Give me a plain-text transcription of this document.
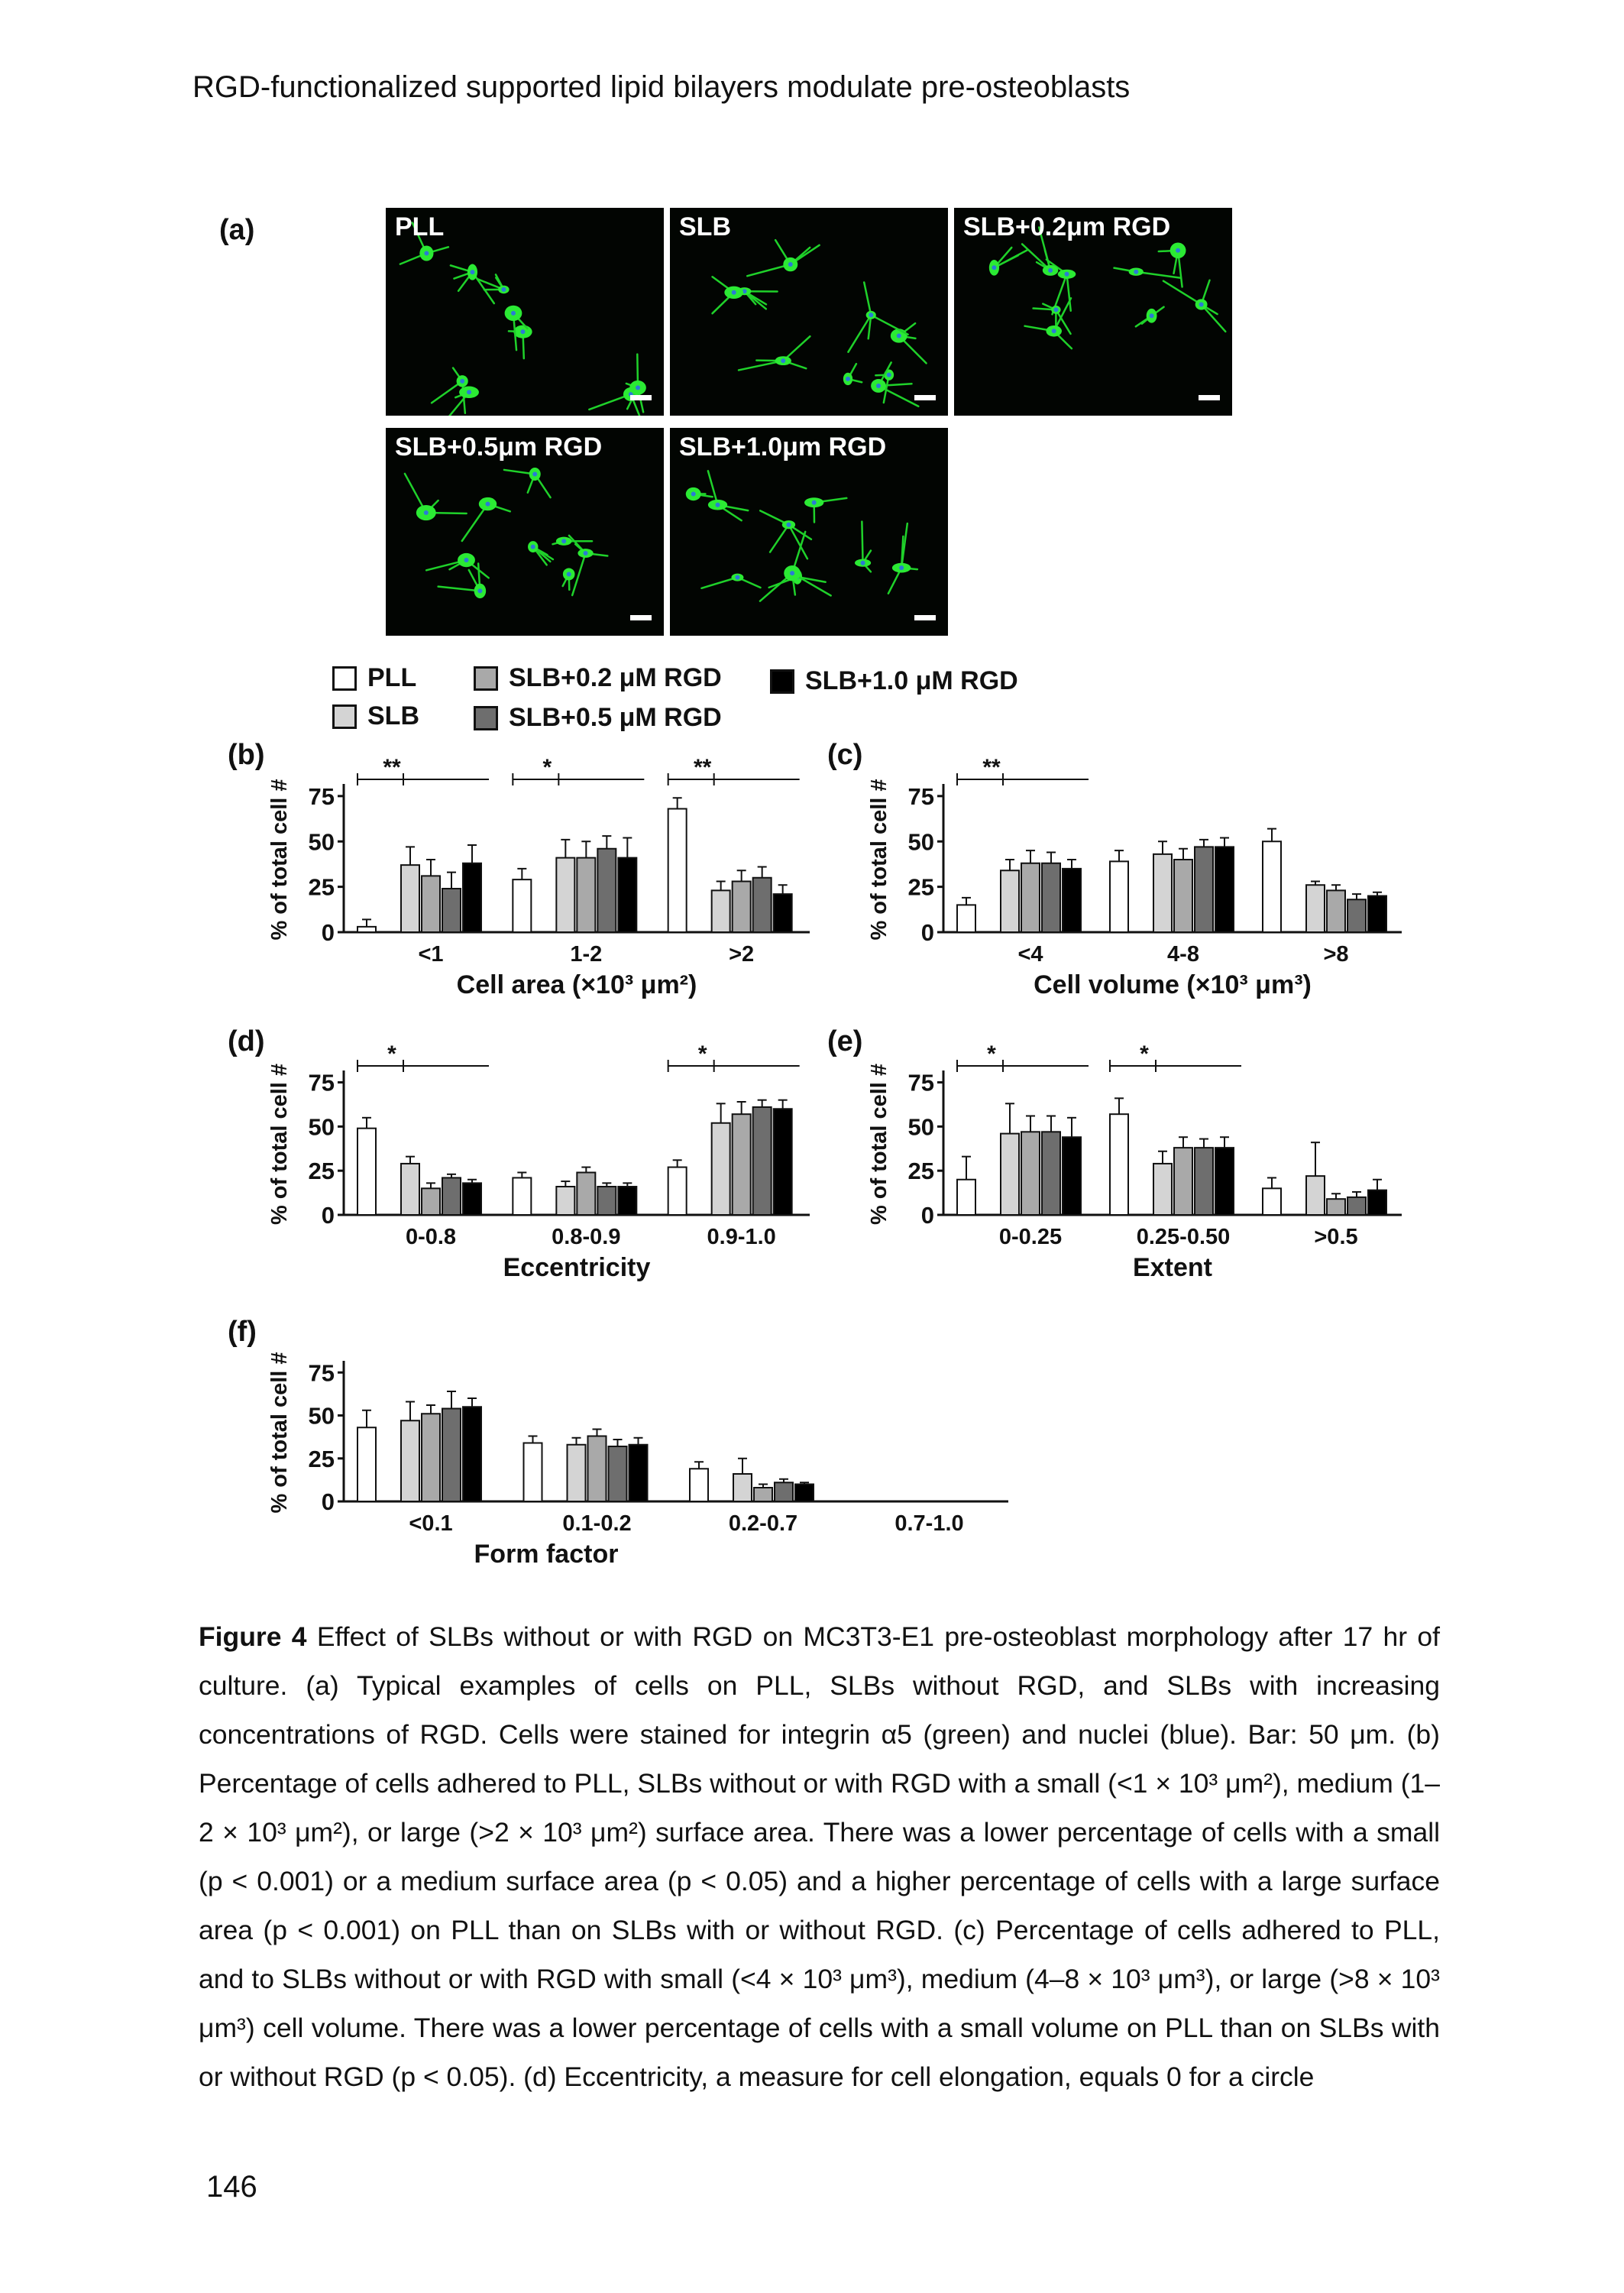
RGD-functionalized supported lipid bilayers modulate pre-osteoblasts
(a)	PLL	SLB	SLB+0.2μm RGD
SLB+0.5μm RGD	SLB+1.0μm RGD
PLL
SLB
SLB+0.2 μM RGD
SLB+0.5 μM RGD
SLB+1.0 μM RGD
0
25
50
75
% of total cell #
(b)
<1	1-2	>2
**	*	**
Cell area (×10³ μm²)
0
25
50
75
% of total cell #
(c)
<4	4-8	>8
**
Cell volume (×10³ μm³)
0
25
50
75
% of total cell #
(d)
0-0.8	0.8-0.9	0.9-1.0
*	*
Eccentricity
0
25
50
75
% of total cell #
(e)
0-0.25	0.25-0.50	>0.5
*	*
Extent
0
25
50
75
% of total cell #
(f)
<0.1	0.1-0.2	0.2-0.7	0.7-1.0
Form factor
Figure 4 Effect of SLBs without or with RGD on MC3T3-E1 pre-osteoblast morphology after 17 hr of culture. (a) Typical examples of cells on PLL, SLBs without RGD, and SLBs with increasing concentrations of RGD. Cells were stained for integrin α5 (green) and nuclei (blue). Bar: 50 μm. (b) Percentage of cells adhered to PLL, SLBs without or with RGD with a small (<1 × 10³ μm²), medium (1–2 × 10³ μm²), or large (>2 × 10³ μm²) surface area. There was a lower percentage of cells with a small (p < 0.001) or a medium surface area (p < 0.05) and a higher percentage of cells with a large surface area (p < 0.001) on PLL than on SLBs with or without RGD. (c) Percentage of cells adhered to PLL, and to SLBs without or with RGD with small (<4 × 10³ μm³), medium (4–8 × 10³ μm³), or large (>8 × 10³ μm³) cell volume. There was a lower percentage of cells with a small volume on PLL than on SLBs with or without RGD (p < 0.05). (d) Eccentricity, a measure for cell elongation, equals 0 for a circle
146
